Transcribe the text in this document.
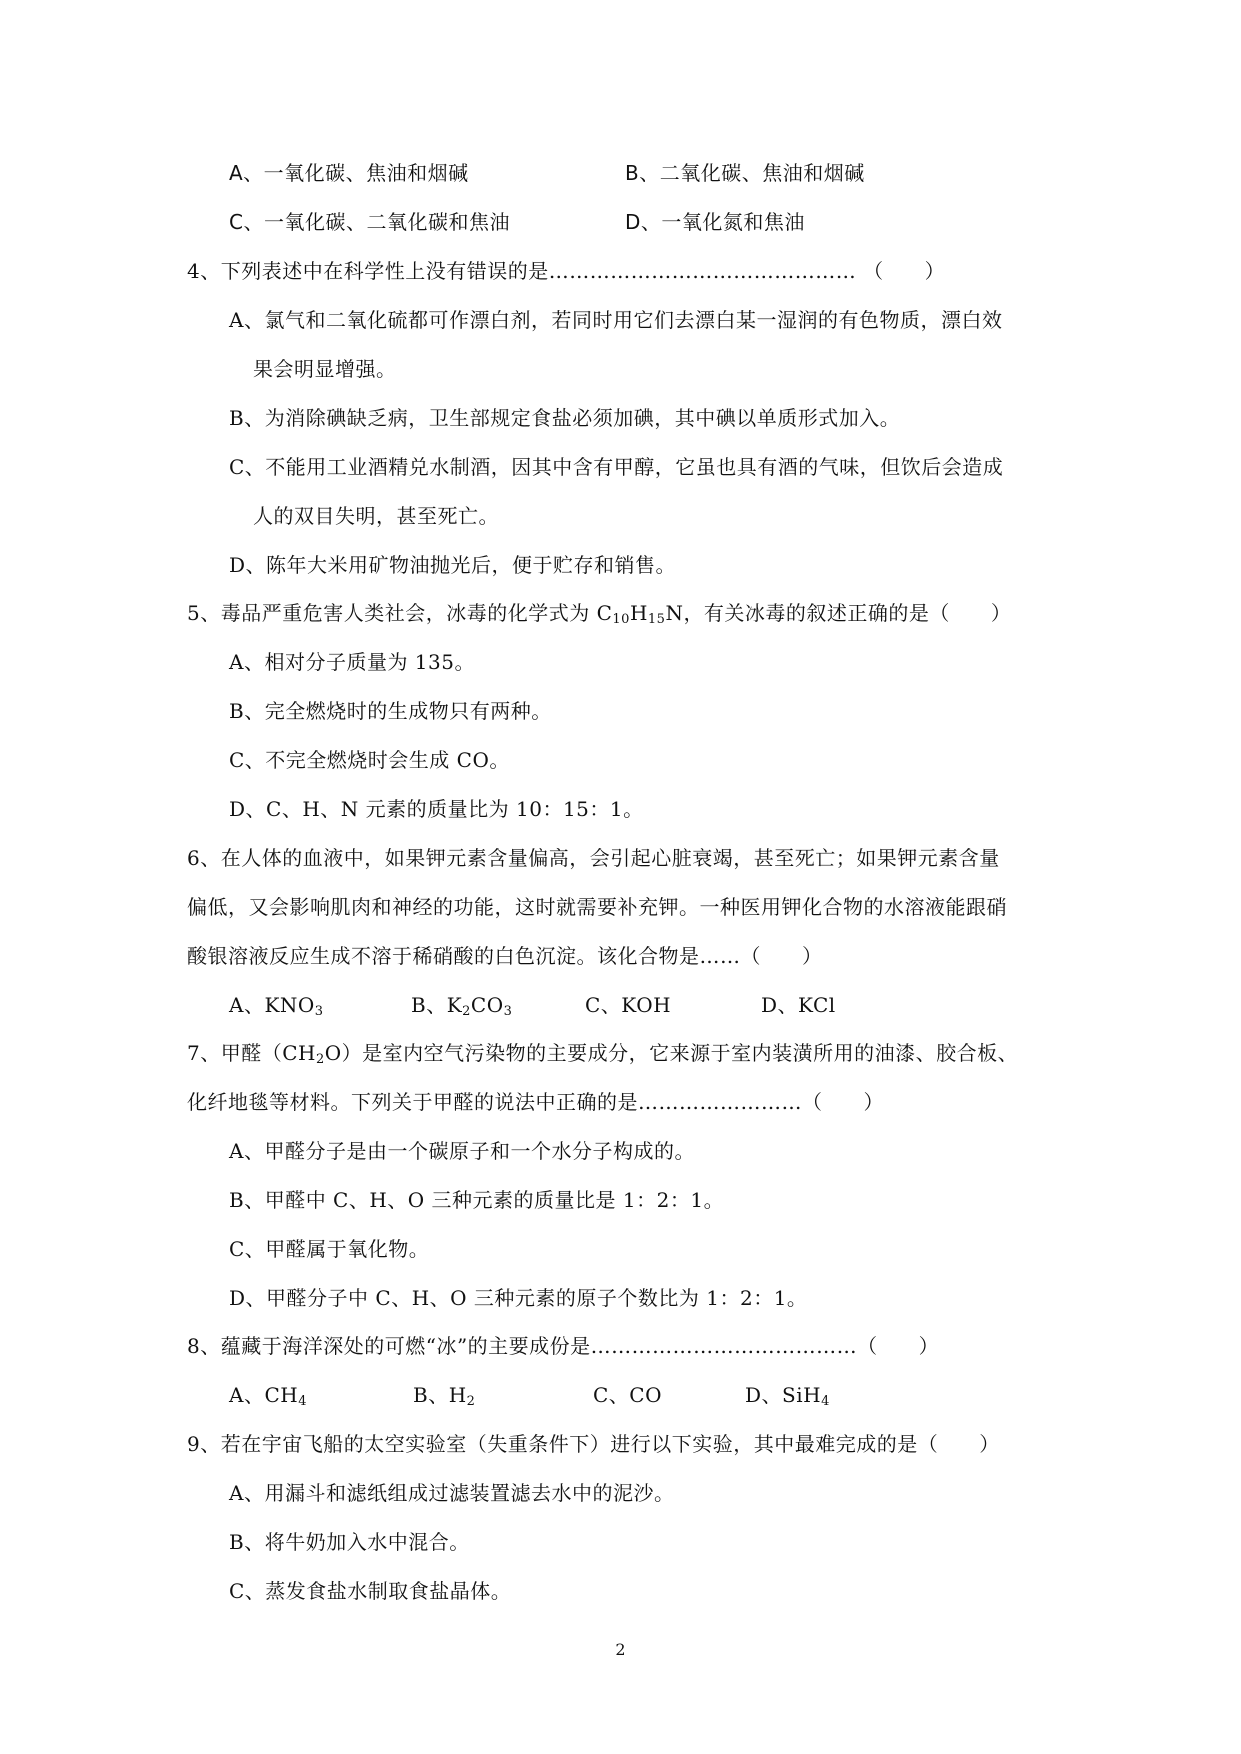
A、一氧化碳、焦油和烟碱	B、二氧化碳、焦油和烟碱
C、一氧化碳、二氧化碳和焦油	D、一氧化氮和焦油
4、下列表述中在科学性上没有错误的是……………………………………… （　　）
A、氯气和二氧化硫都可作漂白剂，若同时用它们去漂白某一湿润的有色物质，漂白效
果会明显增强。
B、为消除碘缺乏病，卫生部规定食盐必须加碘，其中碘以单质形式加入。
C、不能用工业酒精兑水制酒，因其中含有甲醇，它虽也具有酒的气味，但饮后会造成
人的双目失明，甚至死亡。
D、陈年大米用矿物油抛光后，便于贮存和销售。
5、毒品严重危害人类社会，冰毒的化学式为 $C_{10}H_{15}N$，有关冰毒的叙述正确的是（　　）
A、相对分子质量为 135。
B、完全燃烧时的生成物只有两种。
C、不完全燃烧时会生成 CO。
D、C、H、N 元素的质量比为 10：15：1。
6、在人体的血液中，如果钾元素含量偏高，会引起心脏衰竭，甚至死亡；如果钾元素含量
偏低，又会影响肌肉和神经的功能，这时就需要补充钾。一种医用钾化合物的水溶液能跟硝
酸银溶液反应生成不溶于稀硝酸的白色沉淀。该化合物是……（　　）
A、$KNO_3$	B、$K_2CO_3$	C、KOH	D、KCl
7、甲醛$(CH_2O)$是室内空气污染物的主要成分，它来源于室内装潢所用的油漆、胶合板、
化纤地毯等材料。下列关于甲醛的说法中正确的是……………………（　　）
A、甲醛分子是由一个碳原子和一个水分子构成的。
B、甲醛中 C、H、O 三种元素的质量比是 1：2：1。
C、甲醛属于氧化物。
D、甲醛分子中 C、H、O 三种元素的原子个数比为 1：2：1。
8、蕴藏于海洋深处的可燃“冰”的主要成份是…………………………………（　　）
A、$CH_4$	B、$H_2$	C、CO	D、SiH$_4$
9、若在宇宙飞船的太空实验室（失重条件下）进行以下实验，其中最难完成的是（　　）
A、用漏斗和滤纸组成过滤装置滤去水中的泥沙。
B、将牛奶加入水中混合。
C、蒸发食盐水制取食盐晶体。
2
